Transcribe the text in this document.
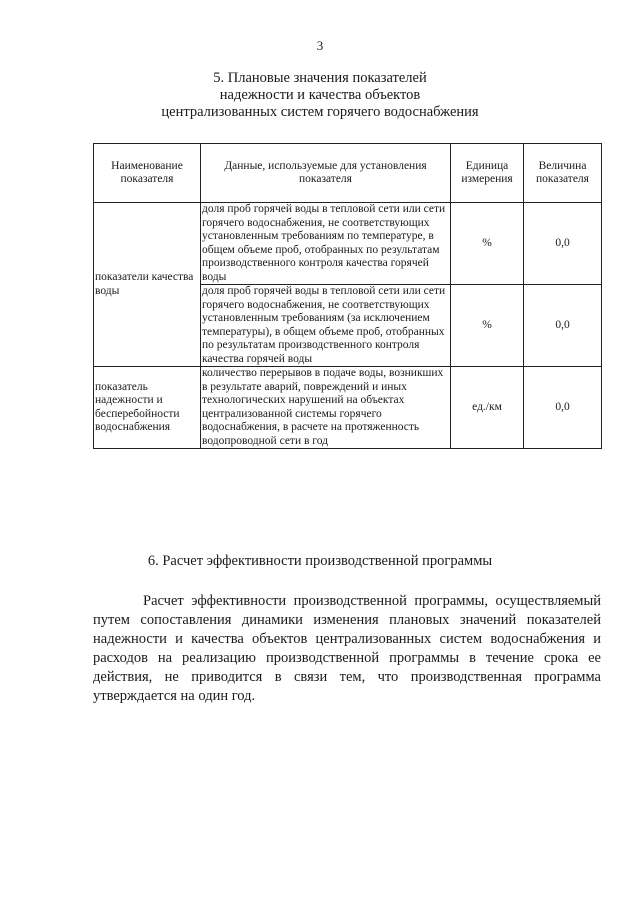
3
5. Плановые значения показателей
надежности и качества объектов
централизованных систем горячего водоснабжения
Наименование показателя	Данные, используемые для установления показателя	Единица измерения	Величина показателя
показатели качества воды	доля проб горячей воды в тепловой сети или сети горячего водоснабжения, не соответствующих установленным требованиям по температуре, в общем объеме проб, отобранных по результатам производственного контроля качества горячей воды	%	0,0
	доля проб горячей воды в тепловой сети или сети горячего водоснабжения, не соответствующих установленным требованиям (за исключением температуры), в общем объеме проб, отобранных по результатам производственного контроля качества горячей воды	%	0,0
показатель надежности и бесперебойности водоснабжения	количество перерывов в подаче воды, возникших в результате аварий, повреждений и иных технологических нарушений на объектах централизованной системы горячего водоснабжения, в расчете на протяженность водопроводной сети в год	ед./км	0,0
6. Расчет эффективности производственной программы

Расчет эффективности производственной программы, осуществляемый путем сопоставления динамики изменения плановых значений показателей надежности и качества объектов централизованных систем водоснабжения и расходов на реализацию производственной программы в течение срока ее действия, не приводится в связи тем, что производственная программа утверждается на один год.
